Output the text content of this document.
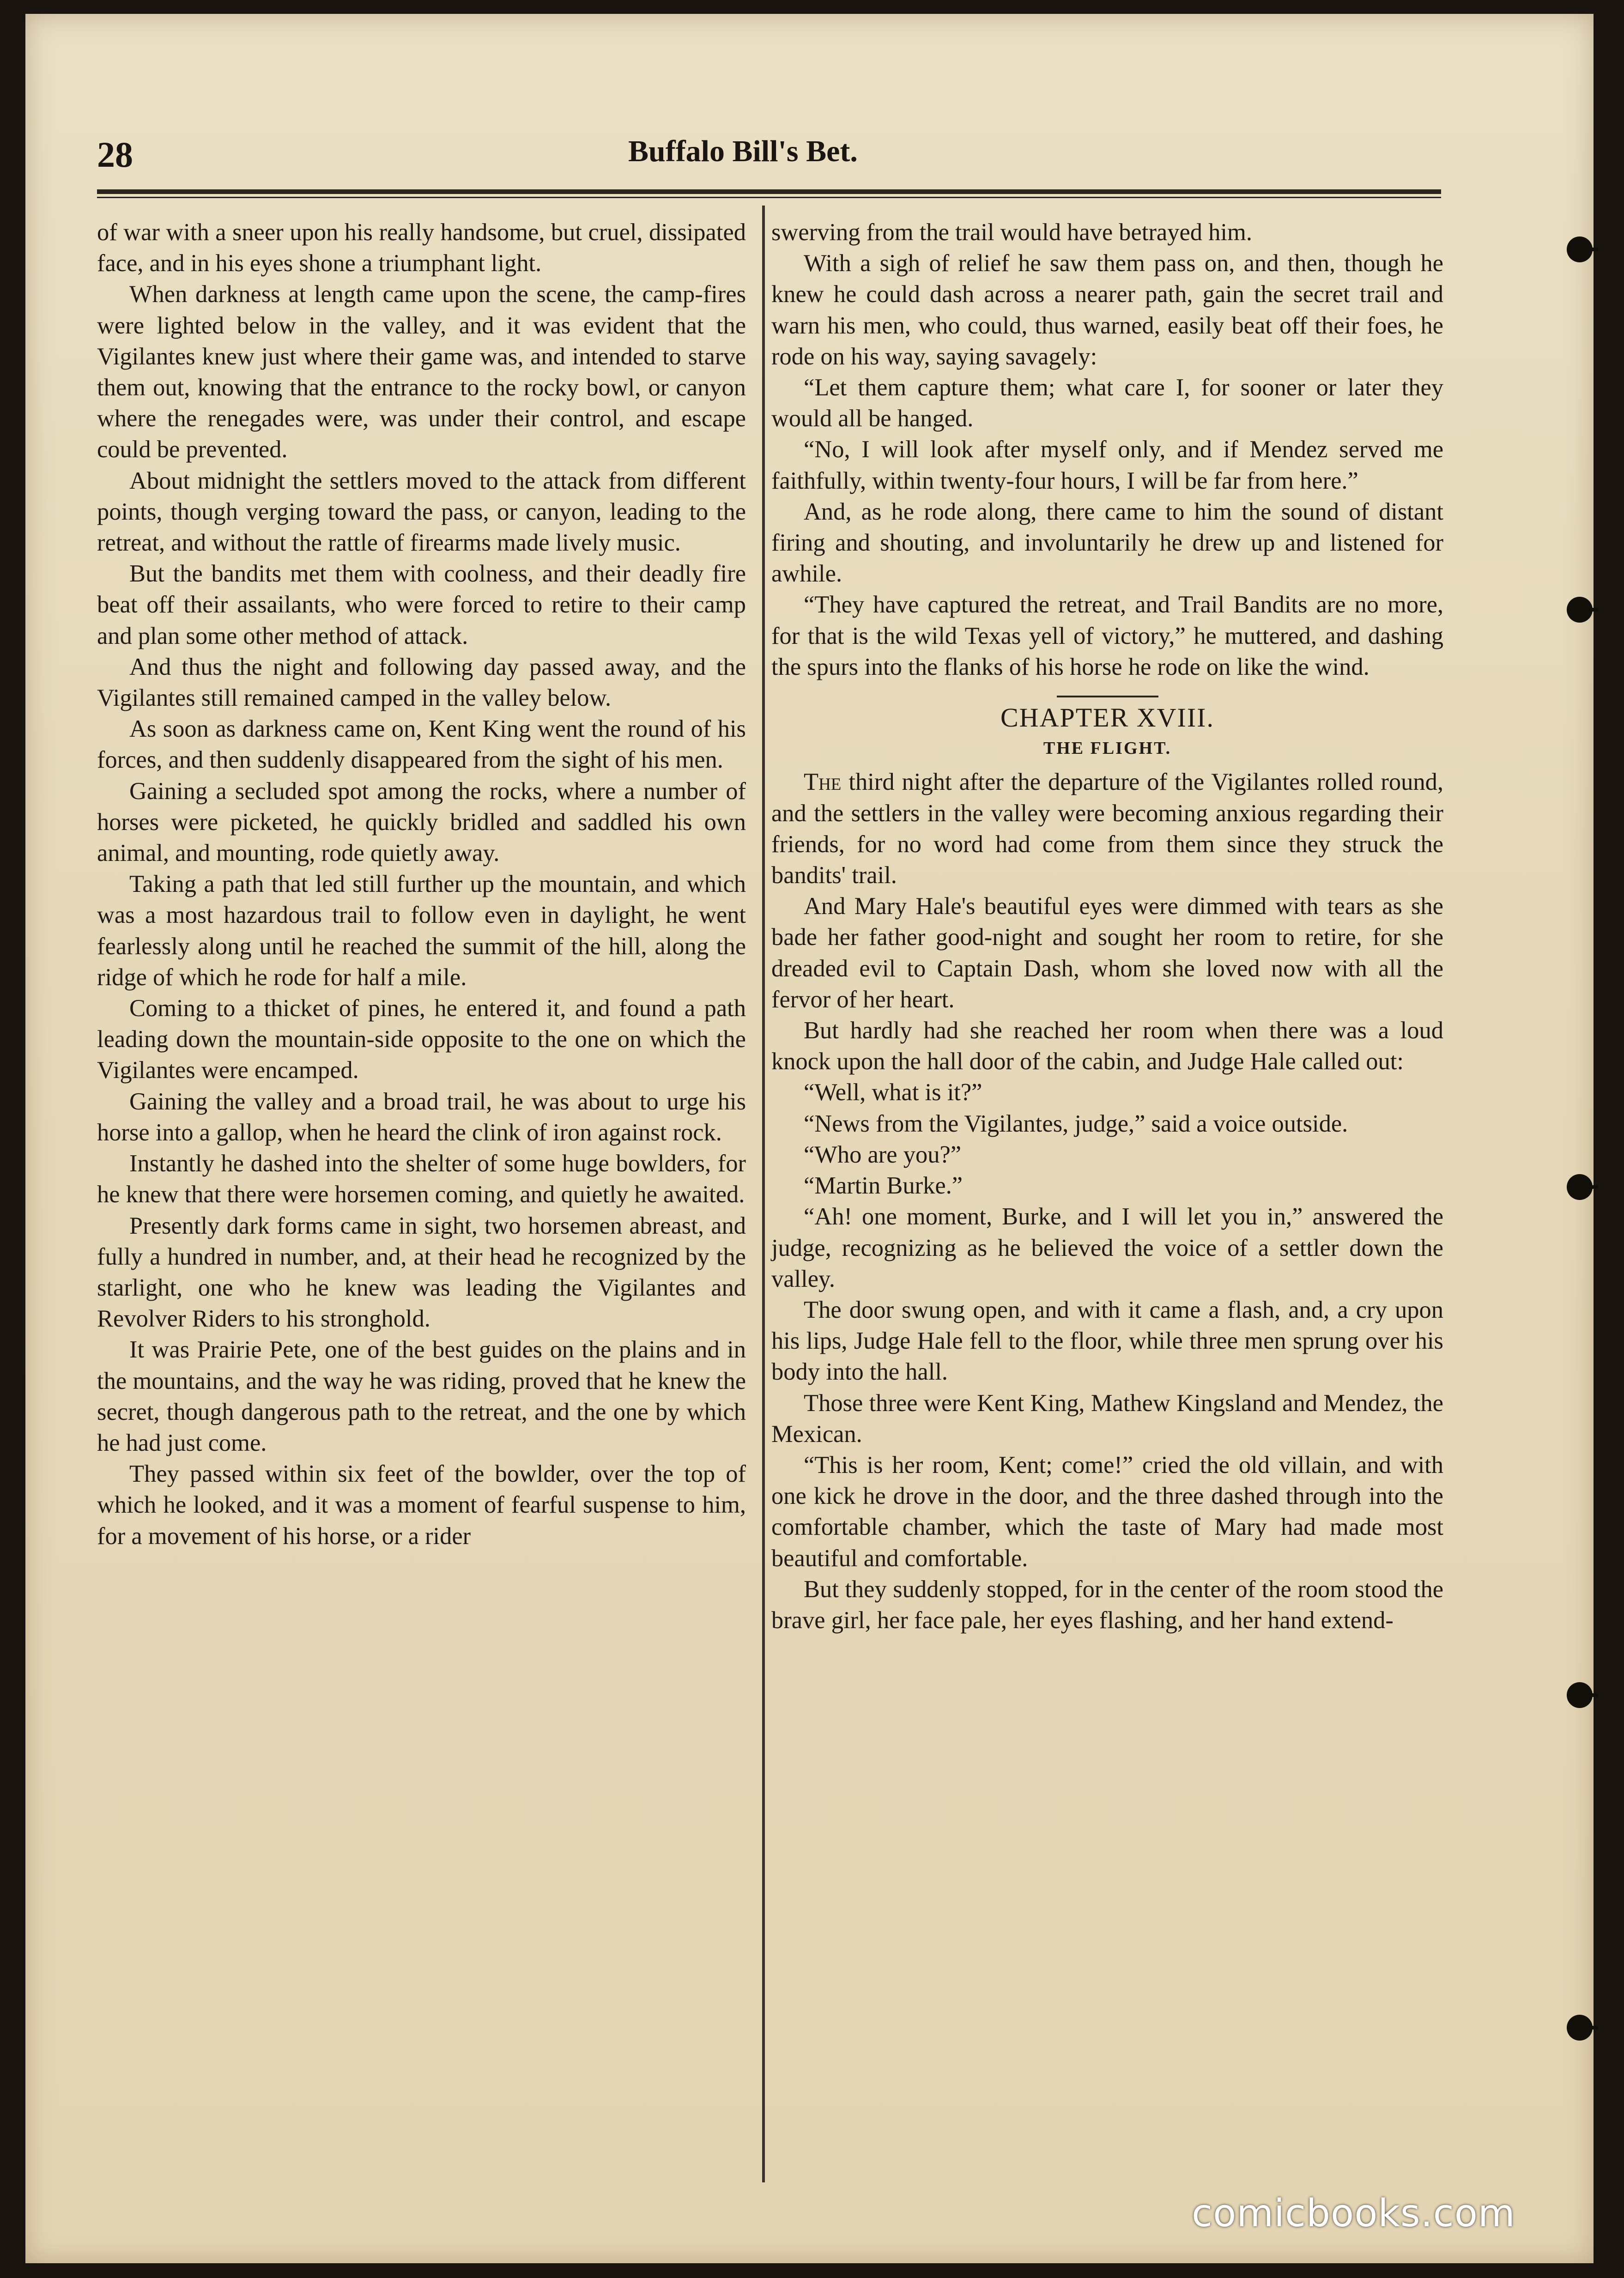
28	Buffalo Bill's Bet.

of war with a sneer upon his really handsome, but cruel, dissipated face, and in his eyes shone a triumphant light.

When darkness at length came upon the scene, the camp-fires were lighted below in the valley, and it was evident that the Vigilantes knew just where their game was, and intended to starve them out, knowing that the entrance to the rocky bowl, or canyon where the renegades were, was under their control, and escape could be prevented.

About midnight the settlers moved to the attack from different points, though verging toward the pass, or canyon, leading to the retreat, and without the rattle of firearms made lively music.

But the bandits met them with coolness, and their deadly fire beat off their assailants, who were forced to retire to their camp and plan some other method of attack.

And thus the night and following day passed away, and the Vigilantes still remained camped in the valley below.

As soon as darkness came on, Kent King went the round of his forces, and then suddenly disappeared from the sight of his men.

Gaining a secluded spot among the rocks, where a number of horses were picketed, he quickly bridled and saddled his own animal, and mounting, rode quietly away.

Taking a path that led still further up the mountain, and which was a most hazardous trail to follow even in daylight, he went fearlessly along until he reached the summit of the hill, along the ridge of which he rode for half a mile.

Coming to a thicket of pines, he entered it, and found a path leading down the mountain-side opposite to the one on which the Vigilantes were encamped.

Gaining the valley and a broad trail, he was about to urge his horse into a gallop, when he heard the clink of iron against rock.

Instantly he dashed into the shelter of some huge bowlders, for he knew that there were horsemen coming, and quietly he awaited.

Presently dark forms came in sight, two horsemen abreast, and fully a hundred in number, and, at their head he recognized by the starlight, one who he knew was leading the Vigilantes and Revolver Riders to his stronghold.

It was Prairie Pete, one of the best guides on the plains and in the mountains, and the way he was riding, proved that he knew the secret, though dangerous path to the retreat, and the one by which he had just come.

They passed within six feet of the bowlder, over the top of which he looked, and it was a moment of fearful suspense to him, for a movement of his horse, or a rider

swerving from the trail would have betrayed him.

With a sigh of relief he saw them pass on, and then, though he knew he could dash across a nearer path, gain the secret trail and warn his men, who could, thus warned, easily beat off their foes, he rode on his way, saying savagely:

“Let them capture them; what care I, for sooner or later they would all be hanged.

“No, I will look after myself only, and if Mendez served me faithfully, within twenty-four hours, I will be far from here.”

And, as he rode along, there came to him the sound of distant firing and shouting, and involuntarily he drew up and listened for awhile.

“They have captured the retreat, and Trail Bandits are no more, for that is the wild Texas yell of victory,” he muttered, and dashing the spurs into the flanks of his horse he rode on like the wind.

CHAPTER XVIII.
THE FLIGHT.

The third night after the departure of the Vigilantes rolled round, and the settlers in the valley were becoming anxious regarding their friends, for no word had come from them since they struck the bandits' trail.

And Mary Hale's beautiful eyes were dimmed with tears as she bade her father good-night and sought her room to retire, for she dreaded evil to Captain Dash, whom she loved now with all the fervor of her heart.

But hardly had she reached her room when there was a loud knock upon the hall door of the cabin, and Judge Hale called out:

“Well, what is it?”

“News from the Vigilantes, judge,” said a voice outside.

“Who are you?”

“Martin Burke.”

“Ah! one moment, Burke, and I will let you in,” answered the judge, recognizing as he believed the voice of a settler down the valley.

The door swung open, and with it came a flash, and, a cry upon his lips, Judge Hale fell to the floor, while three men sprung over his body into the hall.

Those three were Kent King, Mathew Kingsland and Mendez, the Mexican.

“This is her room, Kent; come!” cried the old villain, and with one kick he drove in the door, and the three dashed through into the comfortable chamber, which the taste of Mary had made most beautiful and comfortable.

But they suddenly stopped, for in the center of the room stood the brave girl, her face pale, her eyes flashing, and her hand extend-

comicbooks.com
